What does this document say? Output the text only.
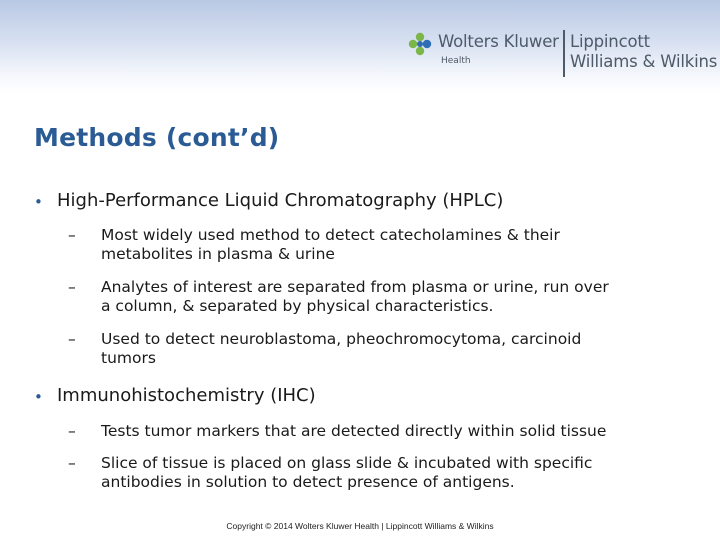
Wolters Kluwer
Health
Lippincott
Williams & Wilkins
Methods (cont’d)
• High-Performance Liquid Chromatography (HPLC)
– Most widely used method to detect catecholamines & their
metabolites in plasma & urine
– Analytes of interest are separated from plasma or urine, run over
a column, & separated by physical characteristics.
– Used to detect neuroblastoma, pheochromocytoma, carcinoid
tumors
• Immunohistochemistry (IHC)
– Tests tumor markers that are detected directly within solid tissue
– Slice of tissue is placed on glass slide & incubated with specific
antibodies in solution to detect presence of antigens.
Copyright © 2014 Wolters Kluwer Health | Lippincott Williams & Wilkins
